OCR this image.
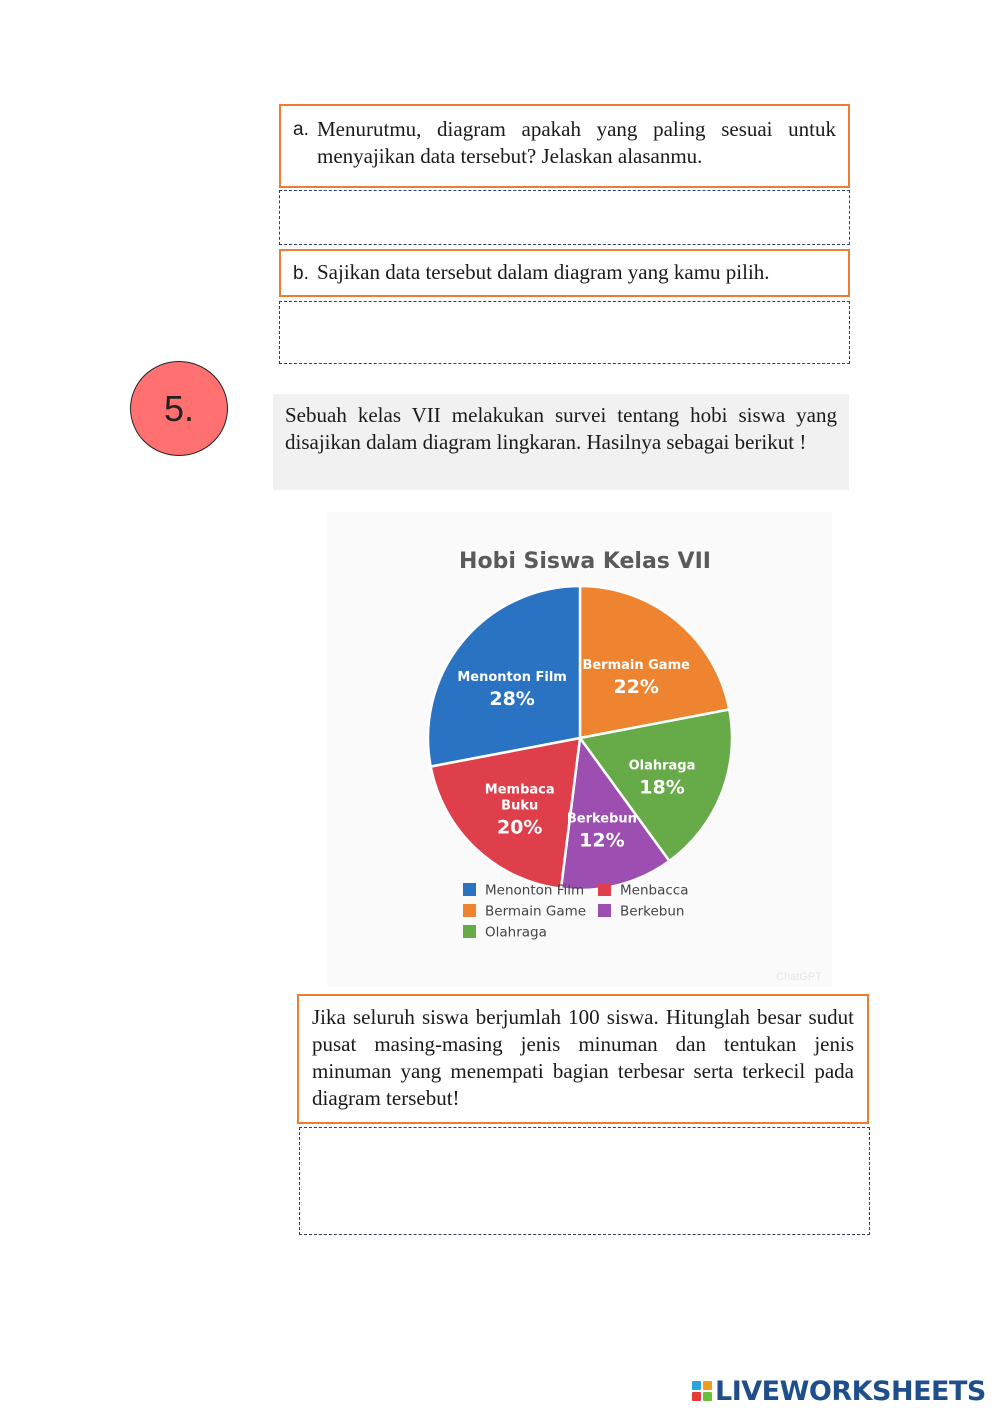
a. Menurutmu, diagram apakah yang paling sesuai untuk menyajikan data tersebut? Jelaskan alasanmu.
b. Sajikan data tersebut dalam diagram yang kamu pilih.
5.	Sebuah kelas VII melakukan survei tentang hobi siswa yang disajikan dalam diagram lingkaran. Hasilnya sebagai berikut !
Hobi Siswa Kelas VII
Bermain Game
22%
Olahraga
18%
Berkebun
12%
Membaca
Buku
20%
Menonton Film
28%
Menonton Film	Menbacca
Bermain Game	Berkebun
Olahraga
ChatGPT
Jika seluruh siswa berjumlah 100 siswa. Hitunglah besar sudut pusat masing-masing jenis minuman dan tentukan jenis minuman yang menempati bagian terbesar serta terkecil pada diagram tersebut!
LIVEWORKSHEETS
